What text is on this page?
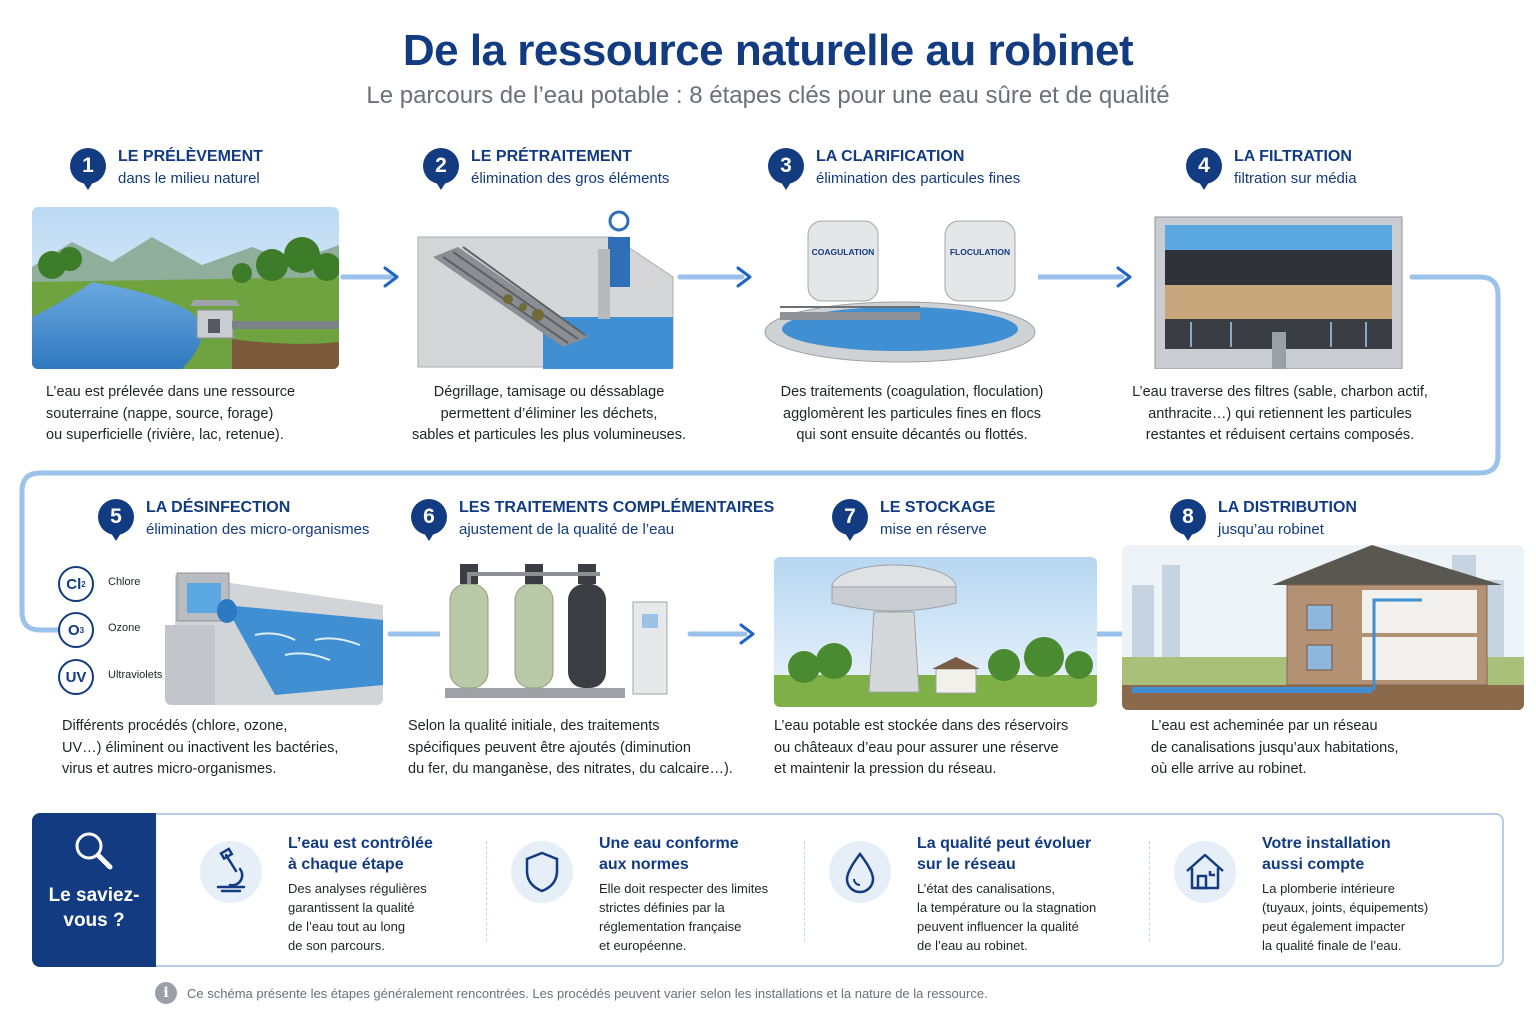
De la ressource naturelle au robinet
Le parcours de l’eau potable : 8 étapes clés pour une eau sûre et de qualité
1	LE PRÉLÈVEMENT
dans le milieu naturel
L’eau est prélevée dans une ressource
souterraine (nappe, source, forage)
ou superficielle (rivière, lac, retenue).
2	LE PRÉTRAITEMENT
élimination des gros éléments
Dégrillage, tamisage ou déssablage
permettent d’éliminer les déchets,
sables et particules les plus volumineuses.
3	LA CLARIFICATION
élimination des particules fines
COAGULATION	FLOCULATION
Des traitements (coagulation, floculation)
agglomèrent les particules fines en flocs
qui sont ensuite décantés ou flottés.
4	LA FILTRATION
filtration sur média
L’eau traverse des filtres (sable, charbon actif,
anthracite…) qui retiennent les particules
restantes et réduisent certains composés.
5	LA DÉSINFECTION
élimination des micro-organismes
Cl 2 Chlore
O 3 Ozone
UV Ultraviolets
Différents procédés (chlore, ozone,
UV…) éliminent ou inactivent les bactéries,
virus et autres micro-organismes.
6	LES TRAITEMENTS COMPLÉMENTAIRES
ajustement de la qualité de l’eau
Selon la qualité initiale, des traitements
spécifiques peuvent être ajoutés (diminution
du fer, du manganèse, des nitrates, du calcaire…).
7	LE STOCKAGE
mise en réserve
L’eau potable est stockée dans des réservoirs
ou châteaux d’eau pour assurer une réserve
et maintenir la pression du réseau.
8	LA DISTRIBUTION
jusqu’au robinet
L’eau est acheminée par un réseau
de canalisations jusqu’aux habitations,
où elle arrive au robinet.
Le saviez-
vous ?
L’eau est contrôlée
à chaque étape
Des analyses régulières
garantissent la qualité
de l’eau tout au long
de son parcours.
Une eau conforme
aux normes
Elle doit respecter des limites
strictes définies par la
réglementation française
et européenne.
La qualité peut évoluer
sur le réseau
L’état des canalisations,
la température ou la stagnation
peuvent influencer la qualité
de l’eau au robinet.
Votre installation
aussi compte
La plomberie intérieure
(tuyaux, joints, équipements)
peut également impacter
la qualité finale de l’eau.
i	Ce schéma présente les étapes généralement rencontrées. Les procédés peuvent varier selon les installations et la nature de la ressource.
